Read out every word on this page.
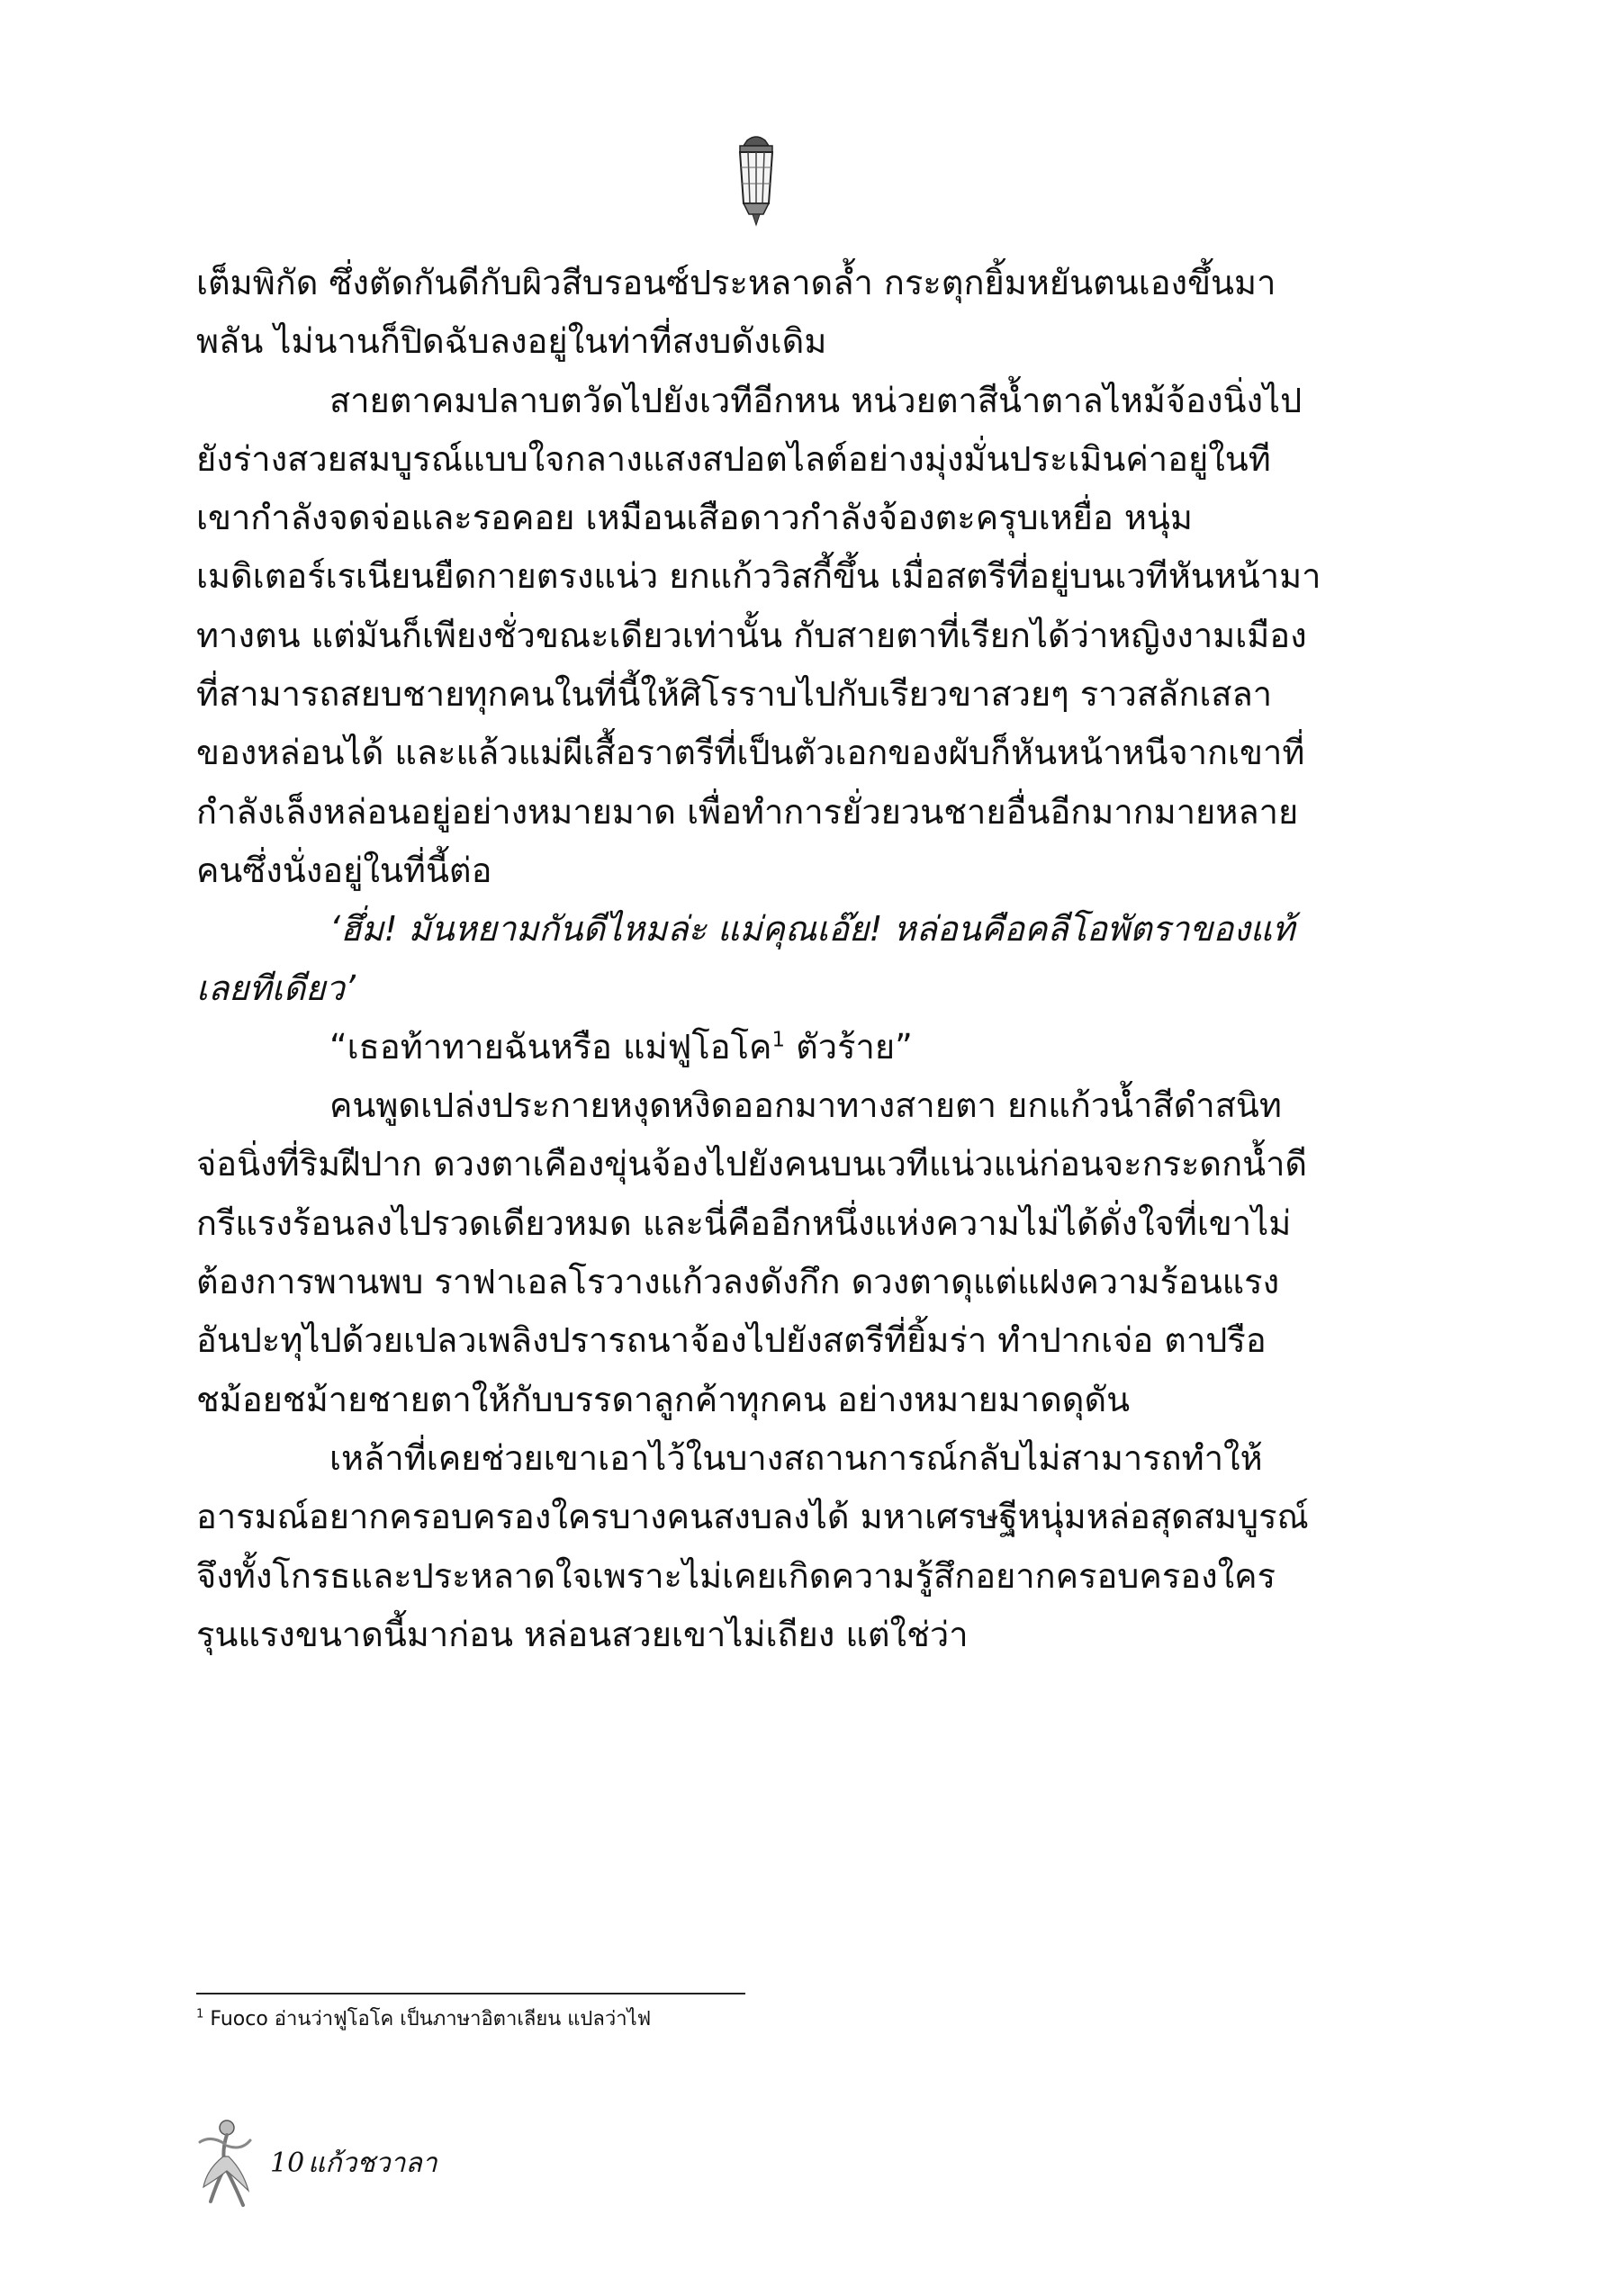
เต็มพิกัด ซึ่งตัดกันดีกับผิวสีบรอนซ์ประหลาดล้ำ กระตุกยิ้มหยันตนเองขึ้นมาพลัน ไม่นานก็ปิดฉับลงอยู่ในท่าที่สงบดังเดิม

สายตาคมปลาบตวัดไปยังเวทีอีกหน หน่วยตาสีน้ำตาลไหม้จ้องนิ่งไปยังร่างสวยสมบูรณ์แบบใจกลางแสงสปอตไลต์อย่างมุ่งมั่นประเมินค่าอยู่ในที เขากำลังจดจ่อและรอคอย เหมือนเสือดาวกำลังจ้องตะครุบเหยื่อ หนุ่มเมดิเตอร์เรเนียนยืดกายตรงแน่ว ยกแก้ววิสกี้ขึ้น เมื่อสตรีที่อยู่บนเวทีหันหน้ามาทางตน แต่มันก็เพียงชั่วขณะเดียวเท่านั้น กับสายตาที่เรียกได้ว่าหญิงงามเมืองที่สามารถสยบชายทุกคนในที่นี้ให้ศิโรราบไปกับเรียวขาสวยๆ ราวสลักเสลาของหล่อนได้ และแล้วแม่ผีเสื้อราตรีที่เป็นตัวเอกของผับก็หันหน้าหนีจากเขาที่กำลังเล็งหล่อนอยู่อย่างหมายมาด เพื่อทำการยั่วยวนชายอื่นอีกมากมายหลายคนซึ่งนั่งอยู่ในที่นี้ต่อ

‘ฮึ่ม! มันหยามกันดีไหมล่ะ แม่คุณเอ๊ย! หล่อนคือคลีโอพัตราของแท้เลยทีเดียว’

“เธอท้าทายฉันหรือ แม่ฟูโอโค$^1$ ตัวร้าย”

คนพูดเปล่งประกายหงุดหงิดออกมาทางสายตา ยกแก้วน้ำสีดำสนิทจ่อนิ่งที่ริมฝีปาก ดวงตาเคืองขุ่นจ้องไปยังคนบนเวทีแน่วแน่ก่อนจะกระดกน้ำดีกรีแรงร้อนลงไปรวดเดียวหมด และนี่คืออีกหนึ่งแห่งความไม่ได้ดั่งใจที่เขาไม่ต้องการพานพบ ราฟาเอลโรวางแก้วลงดังกึก ดวงตาดุแต่แฝงความร้อนแรงอันปะทุไปด้วยเปลวเพลิงปรารถนาจ้องไปยังสตรีที่ยิ้มร่า ทำปากเจ่อ ตาปรือชม้อยชม้ายชายตาให้กับบรรดาลูกค้าทุกคน อย่างหมายมาดดุดัน

เหล้าที่เคยช่วยเขาเอาไว้ในบางสถานการณ์กลับไม่สามารถทำให้อารมณ์อยากครอบครองใครบางคนสงบลงได้ มหาเศรษฐีหนุ่มหล่อสุดสมบูรณ์จึงทั้งโกรธและประหลาดใจเพราะไม่เคยเกิดความรู้สึกอยากครอบครองใครรุนแรงขนาดนี้มาก่อน หล่อนสวยเขาไม่เถียง แต่ใช่ว่า

$^1$ Fuoco อ่านว่าฟูโอโค เป็นภาษาอิตาเลียน แปลว่าไฟ
10 แก้วชวาลา
